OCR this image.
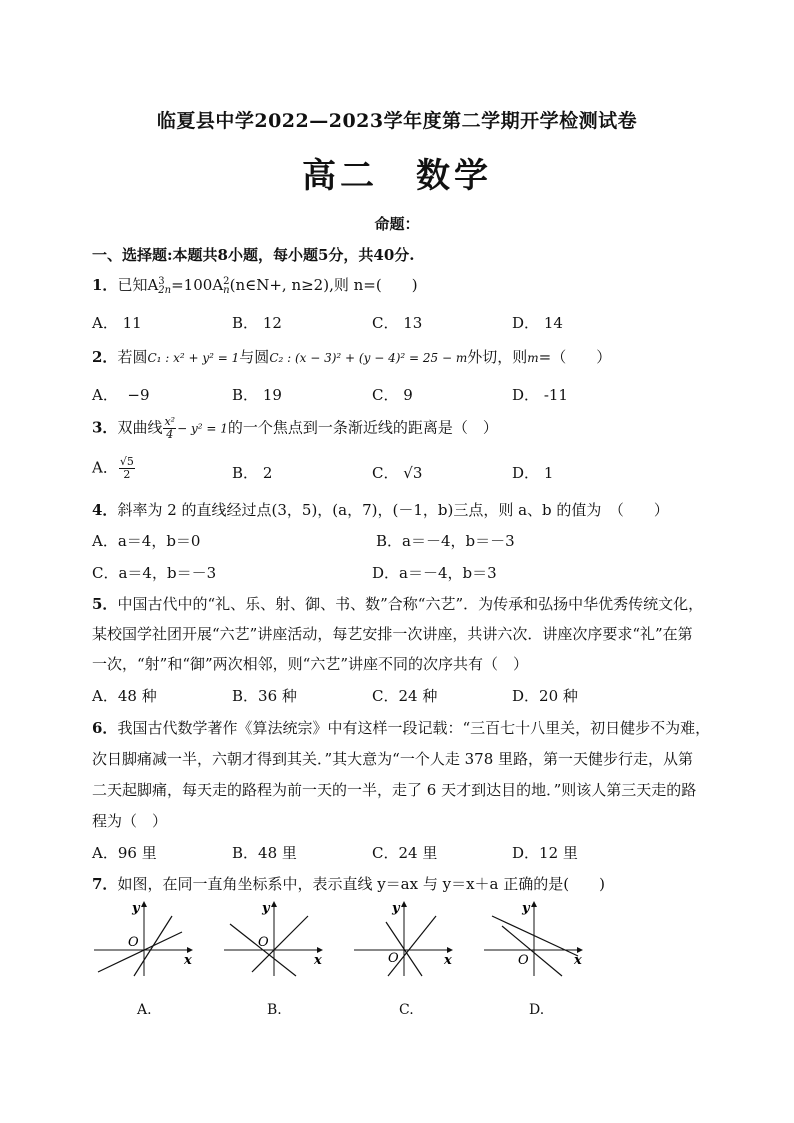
临夏县中学2022—2023学年度第二学期开学检测试卷
高二　数学
命题：
一、选择题:本题共8小题，每小题5分，共40分.
1．已知A 3
2n =100A 2
n (n∈N+, n≥2),则 n=(　　)
A． 11	B． 12	C． 13	D． 14
2．若圆C₁ : x² + y² = 1与圆C₂ : (x − 3)² + (y − 4)² = 25 − m外切，则m=（　　）
A． −9	B． 19	C． 9	D． -11
3．双曲线 $\frac{\text{x²}}{4} - y^2 = 1$的一个焦点到一条渐近线的距离是（　）
A． $\frac{√5}{2}$	B． 2	C． √3	D． 1
4．斜率为 2 的直线经过点(3，5)，(a，7)，(－1，b)三点，则 a、b 的值为　（　　）
A．a＝4，b＝0	B．a＝－4，b＝－3
C．a＝4，b＝－3	D．a＝－4，b＝3
5．中国古代中的“礼、乐、射、御、书、数”合称“六艺”．为传承和弘扬中华优秀传统文化，
某校国学社团开展“六艺”讲座活动，每艺安排一次讲座，共讲六次．讲座次序要求“礼”在第
一次，“射”和“御”两次相邻，则“六艺”讲座不同的次序共有（　）
A．48 种	B．36 种	C．24 种	D．20 种
6．我国古代数学著作《算法统宗》中有这样一段记载：“三百七十八里关，初日健步不为难，
次日脚痛减一半，六朝才得到其关．”其大意为“一个人走 378 里路，第一天健步行走，从第
二天起脚痛，每天走的路程为前一天的一半，走了 6 天才到达目的地．”则该人第三天走的路
程为（　）
A．96 里	B．48 里	C．24 里	D．12 里
7．如图，在同一直角坐标系中，表示直线 y＝ax 与 y＝x＋a 正确的是(　　)
y
x
O
A.
y
x
O
B.
y
x
O
C.
y
x
O
D.
